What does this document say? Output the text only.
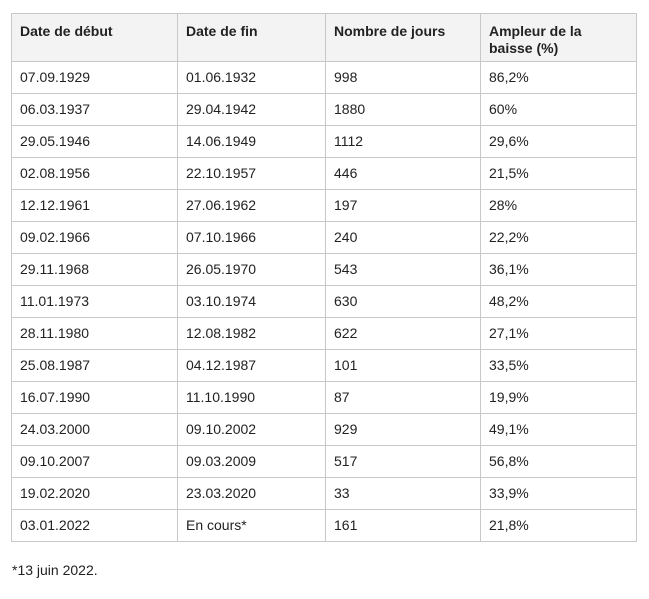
Date de début	Date de fin	Nombre de jours	Ampleur de la baisse (%)
07.09.1929	01.06.1932	998	86,2%
06.03.1937	29.04.1942	1880	60%
29.05.1946	14.06.1949	1112	29,6%
02.08.1956	22.10.1957	446	21,5%
12.12.1961	27.06.1962	197	28%
09.02.1966	07.10.1966	240	22,2%
29.11.1968	26.05.1970	543	36,1%
11.01.1973	03.10.1974	630	48,2%
28.11.1980	12.08.1982	622	27,1%
25.08.1987	04.12.1987	101	33,5%
16.07.1990	11.10.1990	87	19,9%
24.03.2000	09.10.2002	929	49,1%
09.10.2007	09.03.2009	517	56,8%
19.02.2020	23.03.2020	33	33,9%
03.01.2022	En cours*	161	21,8%
*13 juin 2022.
